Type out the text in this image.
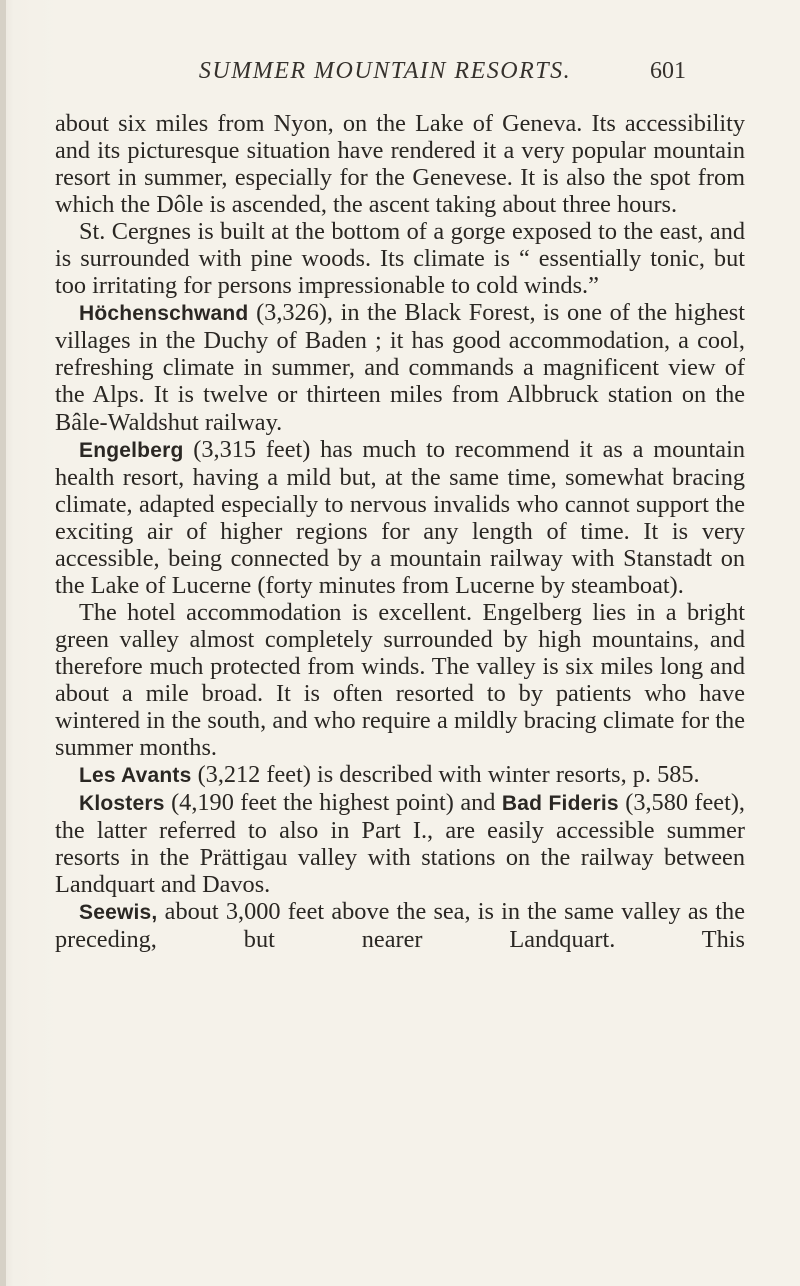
SUMMER MOUNTAIN RESORTS.	601

about six miles from Nyon, on the Lake of Geneva. Its accessibility and its picturesque situation have rendered it a very popular mountain resort in summer, especially for the Genevese. It is also the spot from which the Dôle is ascended, the ascent taking about three hours.

St. Cergnes is built at the bottom of a gorge exposed to the east, and is surrounded with pine woods. Its climate is “ essentially tonic, but too irritating for persons impressionable to cold winds.”

Höchenschwand (3,326), in the Black Forest, is one of the highest villages in the Duchy of Baden ; it has good accommodation, a cool, refreshing climate in summer, and commands a magnificent view of the Alps. It is twelve or thirteen miles from Albbruck station on the Bâle-Waldshut railway.

Engelberg (3,315 feet) has much to recommend it as a mountain health resort, having a mild but, at the same time, somewhat bracing climate, adapted especially to nervous invalids who cannot support the exciting air of higher regions for any length of time. It is very accessible, being connected by a mountain railway with Stanstadt on the Lake of Lucerne (forty minutes from Lucerne by steamboat).

The hotel accommodation is excellent. Engelberg lies in a bright green valley almost completely surrounded by high mountains, and therefore much protected from winds. The valley is six miles long and about a mile broad. It is often resorted to by patients who have wintered in the south, and who require a mildly bracing climate for the summer months.

Les Avants (3,212 feet) is described with winter resorts, p. 585.

Klosters (4,190 feet the highest point) and Bad Fideris (3,580 feet), the latter referred to also in Part I., are easily accessible summer resorts in the Prättigau valley with stations on the railway between Landquart and Davos.

Seewis, about 3,000 feet above the sea, is in the same valley as the preceding, but nearer Landquart. This
